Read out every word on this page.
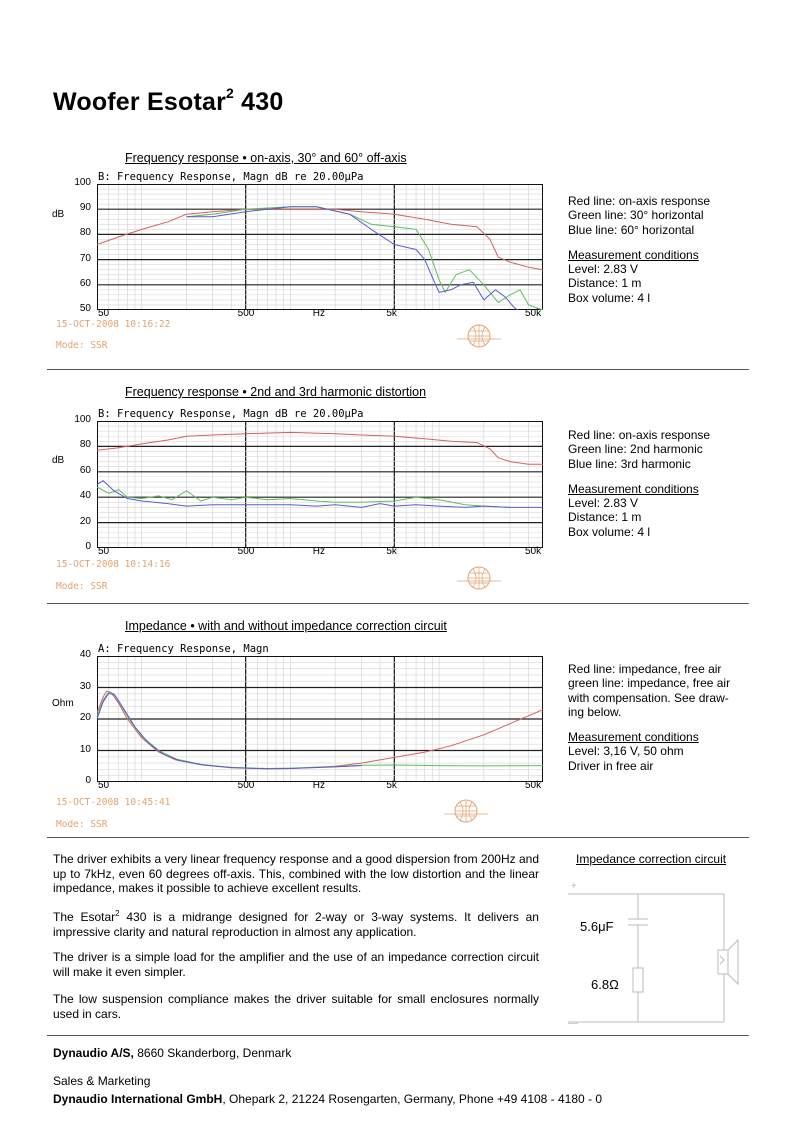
Woofer Esotar$^2$ 430
Frequency response • on-axis, 30° and 60° off-axis
B: Frequency Response, Magn dB re 20.00μPa
100
90
80
70
60
50
dB
50	500	Hz	5k	50k
15-OCT-2008 10:16:22
Mode: SSR
Red line: on-axis response
Green line: 30° horizontal
Blue line: 60° horizontal
Measurement conditions
Level: 2.83 V
Distance: 1 m
Box volume: 4 l
Frequency response • 2nd and 3rd harmonic distortion
B: Frequency Response, Magn dB re 20.00μPa
100
80
60
40
20
0
dB
50	500	Hz	5k	50k
15-OCT-2008 10:14:16
Mode: SSR
Red line: on-axis response
Green line: 2nd harmonic
Blue line: 3rd harmonic
Measurement conditions
Level: 2.83 V
Distance: 1 m
Box volume: 4 l
Impedance • with and without impedance correction circuit
A: Frequency Response, Magn
40
30
20
10
0
Ohm
50	500	Hz	5k	50k
15-OCT-2008 10:45:41
Mode: SSR
Red line: impedance, free air
green line: impedance, free air
with compensation. See draw-
ing below.
Measurement conditions
Level: 3,16 V, 50 ohm
Driver in free air
The driver exhibits a very linear frequency response and a good dispersion from 200Hz and up to 7kHz, even 60 degrees off-axis. This, combined with the low distortion and the linear impedance, makes it possible to achieve excellent results.
The Esotar$^2$ 430 is a midrange designed for 2-way or 3-way systems. It delivers an impressive clarity and natural reproduction in almost any application.
The driver is a simple load for the amplifier and the use of an impedance correction circuit will make it even simpler.
The low suspension compliance makes the driver suitable for small enclosures normally used in cars.
Impedance correction circuit
+
—
5.6μF
6.8Ω
Dynaudio A/S, 8660 Skanderborg, Denmark
Sales & Marketing
Dynaudio International GmbH, Ohepark 2, 21224 Rosengarten, Germany, Phone +49 4108 - 4180 - 0
